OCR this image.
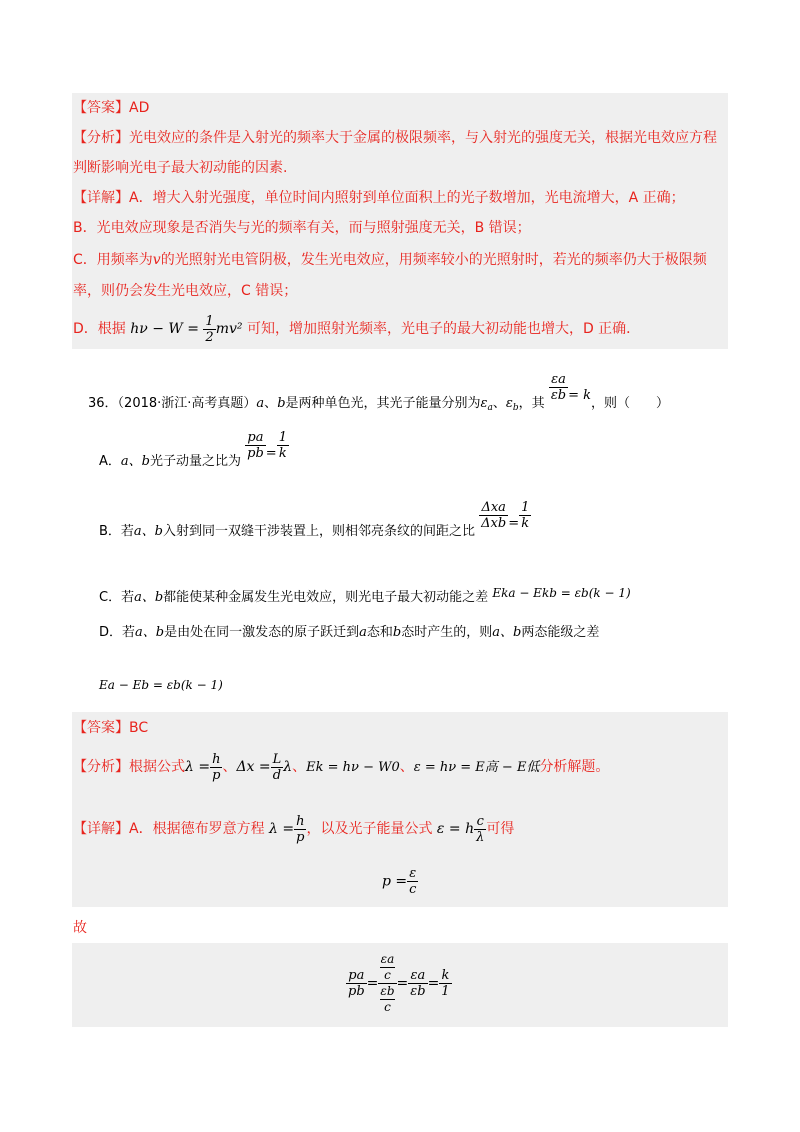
【答案】AD
【分析】光电效应的条件是入射光的频率大于金属的极限频率，与入射光的强度无关，根据光电效应方程
判断影响光电子最大初动能的因素.
【详解】A．增大入射光强度，单位时间内照射到单位面积上的光子数增加，光电流增大，A 正确；
B．光电效应现象是否消失与光的频率有关，而与照射强度无关，B 错误；
C．用频率为v的光照射光电管阴极，发生光电效应，用频率较小的光照射时，若光的频率仍大于极限频
率，则仍会发生光电效应，C 错误；
D．根据 $h\nu - W = \frac{1}{2} mv^2$ 可知，增加照射光频率，光电子的最大初动能也增大，D 正确．
36．（2018·浙江·高考真题）a、b是两种单色光，其光子能量分别为$\varepsilon_a$、$\varepsilon_b$，其
$\frac{\varepsilon a}{\varepsilon b} = k$，则（　　）
A．a、b光子动量之比为
$\frac{pa}{pb} = \frac{1}{k}$
B．若a、b入射到同一双缝干涉装置上，则相邻亮条纹的间距之比
$\frac{\text{Δxa}}{\text{Δxb}} = \frac{1}{k}$
C．若a、b都能使某种金属发生光电效应，则光电子最大初动能之差 Eka − Ekb = εb(k − 1)
D．若a、b是由处在同一激发态的原子跃迁到a态和b态时产生的，则a、b两态能级之差
Ea − Eb = εb(k − 1)
【答案】BC
【分析】根据公式$\lambda = \frac{h}{p}$ 、$\Delta x = \frac{L}{d}$ λ、Ek = hν − W0、ε = hν = E高 − E低分析解题。
【详解】A．根据德布罗意方程 $\lambda = \frac{h}{p}$ ，以及光子能量公式 ε = h $\frac{c}{\lambda}$ 可得
$p = \frac{\varepsilon}{c}$
故
$\frac{pa}{pb} = \varepsilon a$
c
εb
$c = \frac{\varepsilon a}{\varepsilon b} = \frac{k}{1}$
